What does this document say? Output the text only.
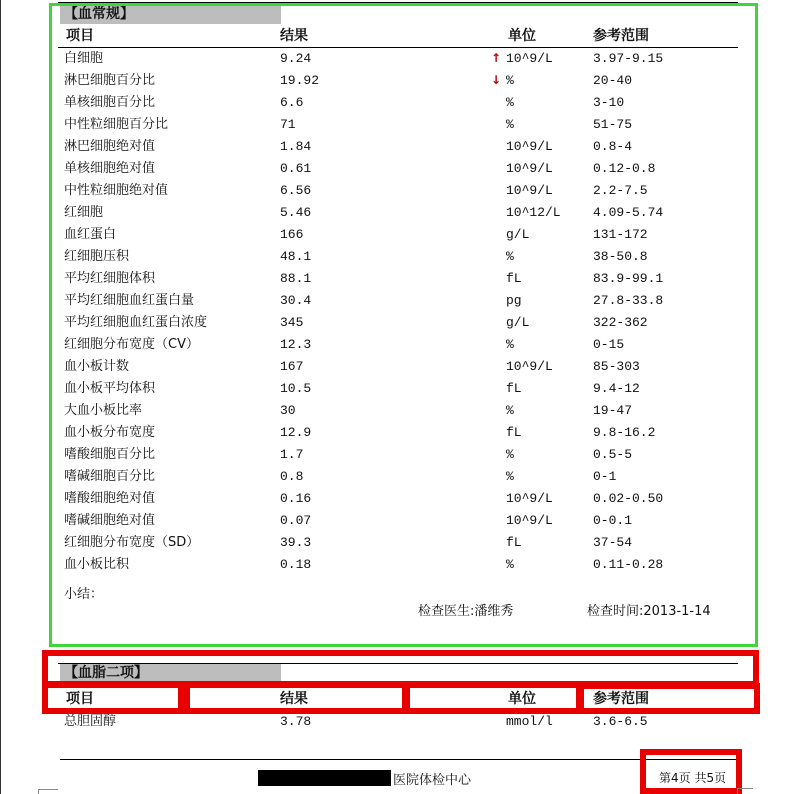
【血常规】
项目	结果	单位	参考范围
白细胞	9.24	↑ 10^9/L	3.97-9.15
淋巴细胞百分比	19.92	↓ %	20-40
单核细胞百分比	6.6	%	3-10
中性粒细胞百分比	71	%	51-75
淋巴细胞绝对值	1.84	10^9/L	0.8-4
单核细胞绝对值	0.61	10^9/L	0.12-0.8
中性粒细胞绝对值	6.56	10^9/L	2.2-7.5
红细胞	5.46	10^12/L 4.09-5.74
血红蛋白	166	g/L	131-172
红细胞压积	48.1	%	38-50.8
平均红细胞体积	88.1	fL	83.9-99.1
平均红细胞血红蛋白量	30.4	pg	27.8-33.8
平均红细胞血红蛋白浓度	345	g/L	322-362
红细胞分布宽度（CV）	12.3	%	0-15
血小板计数	167	10^9/L	85-303
血小板平均体积	10.5	fL	9.4-12
大血小板比率	30	%	19-47
血小板分布宽度	12.9	fL	9.8-16.2
嗜酸细胞百分比	1.7	%	0.5-5
嗜碱细胞百分比	0.8	%	0-1
嗜酸细胞绝对值	0.16	10^9/L	0.02-0.50
嗜碱细胞绝对值	0.07	10^9/L	0-0.1
红细胞分布宽度（SD）	39.3	fL	37-54
血小板比积	0.18	%	0.11-0.28
小结：
检查医生:潘维秀	检查时间:2013-1-14
【血脂二项】
项目	结果	单位	参考范围
总胆固醇	3.78	mmol/l	3.6-6.5
医院体检中心	第4页 共5页
